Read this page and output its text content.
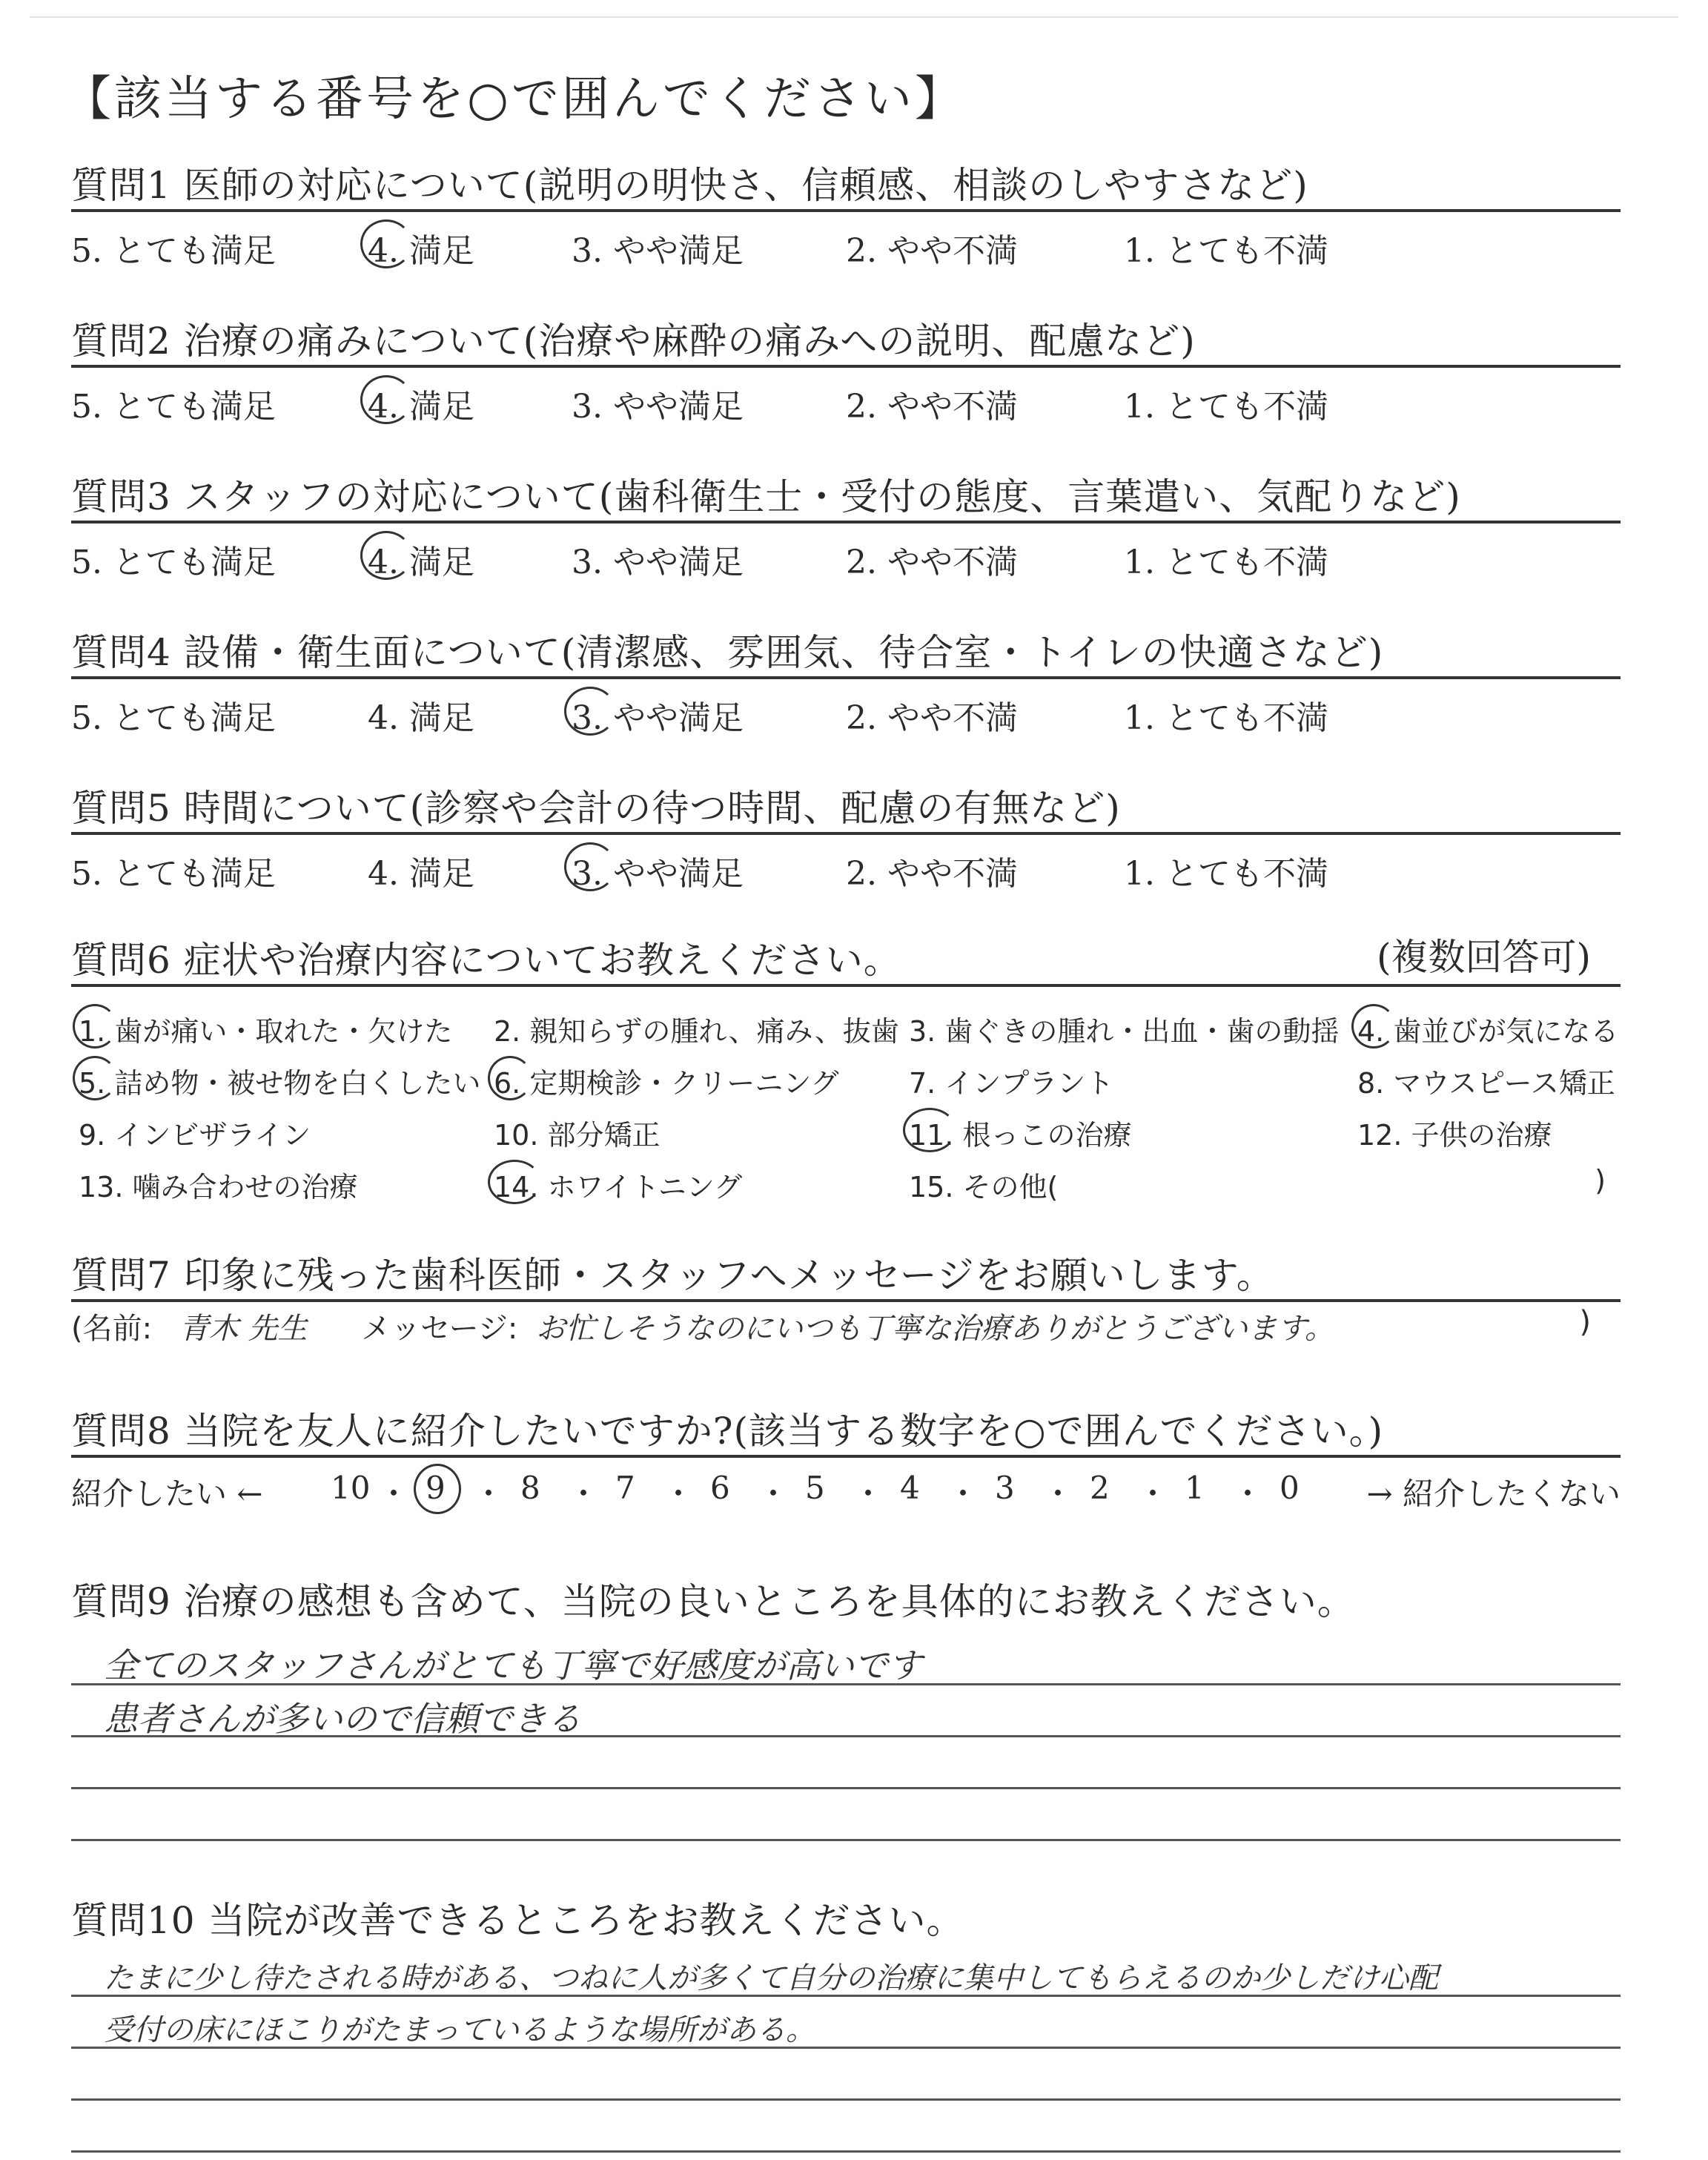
【該当する番号を○で囲んでください】
質問1 医師の対応について(説明の明快さ、信頼感、相談のしやすさなど)
5. とても満足	4. 満足	3. やや満足	2. やや不満	1. とても不満
質問2 治療の痛みについて(治療や麻酔の痛みへの説明、配慮など)
5. とても満足	4. 満足	3. やや満足	2. やや不満	1. とても不満
質問3 スタッフの対応について(歯科衛生士・受付の態度、言葉遣い、気配りなど)
5. とても満足	4. 満足	3. やや満足	2. やや不満	1. とても不満
質問4 設備・衛生面について(清潔感、雰囲気、待合室・トイレの快適さなど)
5. とても満足	4. 満足	3. やや満足	2. やや不満	1. とても不満
質問5 時間について(診察や会計の待つ時間、配慮の有無など)
5. とても満足	4. 満足	3. やや満足	2. やや不満	1. とても不満
質問6 症状や治療内容についてお教えください。	(複数回答可)
1. 歯が痛い・取れた・欠けた 2. 親知らずの腫れ、痛み、抜歯 3. 歯ぐきの腫れ・出血・歯の動揺 4. 歯並びが気になる
5. 詰め物・被せ物を白くしたい 6. 定期検診・クリーニング 7. インプラント	8. マウスピース矯正
9. インビザライン	10. 部分矯正	11. 根っこの治療	12. 子供の治療
13. 噛み合わせの治療	14. ホワイトニング	15. その他(	)
質問7 印象に残った歯科医師・スタッフへメッセージをお願いします。
(名前: 青木 先生 メッセージ: お忙しそうなのにいつも丁寧な治療ありがとうございます。	)
質問8 当院を友人に紹介したいですか?(該当する数字を○で囲んでください。)
紹介したい ←	→ 紹介したくない
10 ・ 9 ・ 8 ・ 7 ・ 6 ・ 5 ・ 4 ・ 3 ・ 2 ・ 1 ・ 0
質問9 治療の感想も含めて、当院の良いところを具体的にお教えください。
全てのスタッフさんがとても丁寧で好感度が高いです
患者さんが多いので信頼できる
質問10 当院が改善できるところをお教えください。
たまに少し待たされる時がある、つねに人が多くて自分の治療に集中してもらえるのか少しだけ心配
受付の床にほこりがたまっているような場所がある。
